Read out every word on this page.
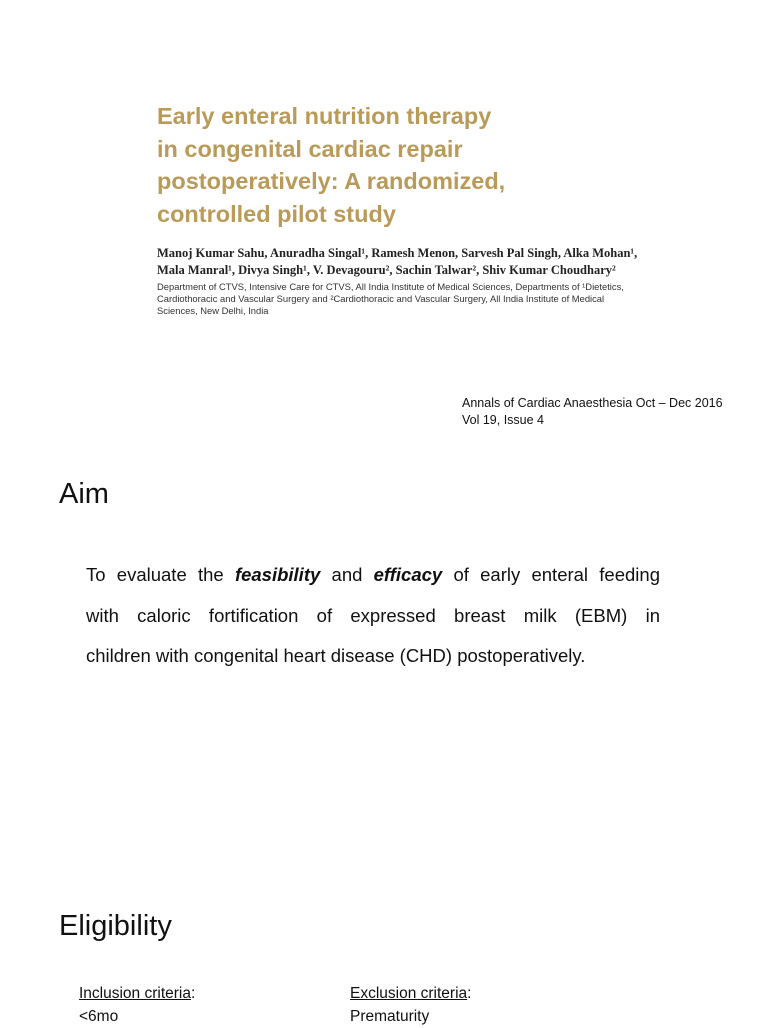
Early enteral nutrition therapy
in congenital cardiac repair
postoperatively: A randomized,
controlled pilot study
Manoj Kumar Sahu, Anuradha Singal¹, Ramesh Menon, Sarvesh Pal Singh, Alka Mohan¹,
Mala Manral¹, Divya Singh¹, V. Devagouru², Sachin Talwar², Shiv Kumar Choudhary²
Department of CTVS, Intensive Care for CTVS, All India Institute of Medical Sciences, Departments of ¹Dietetics,
Cardiothoracic and Vascular Surgery and ²Cardiothoracic and Vascular Surgery, All India Institute of Medical
Sciences, New Delhi, India
Annals of Cardiac Anaesthesia Oct – Dec 2016
Vol 19, Issue 4
Aim

To evaluate the feasibility and efficacy of early enteral feeding
with caloric fortification of expressed breast milk (EBM) in
children with congenital heart disease (CHD) postoperatively.

Eligibility
Inclusion criteria:
<6mo
Exclusion criteria:
Prematurity
